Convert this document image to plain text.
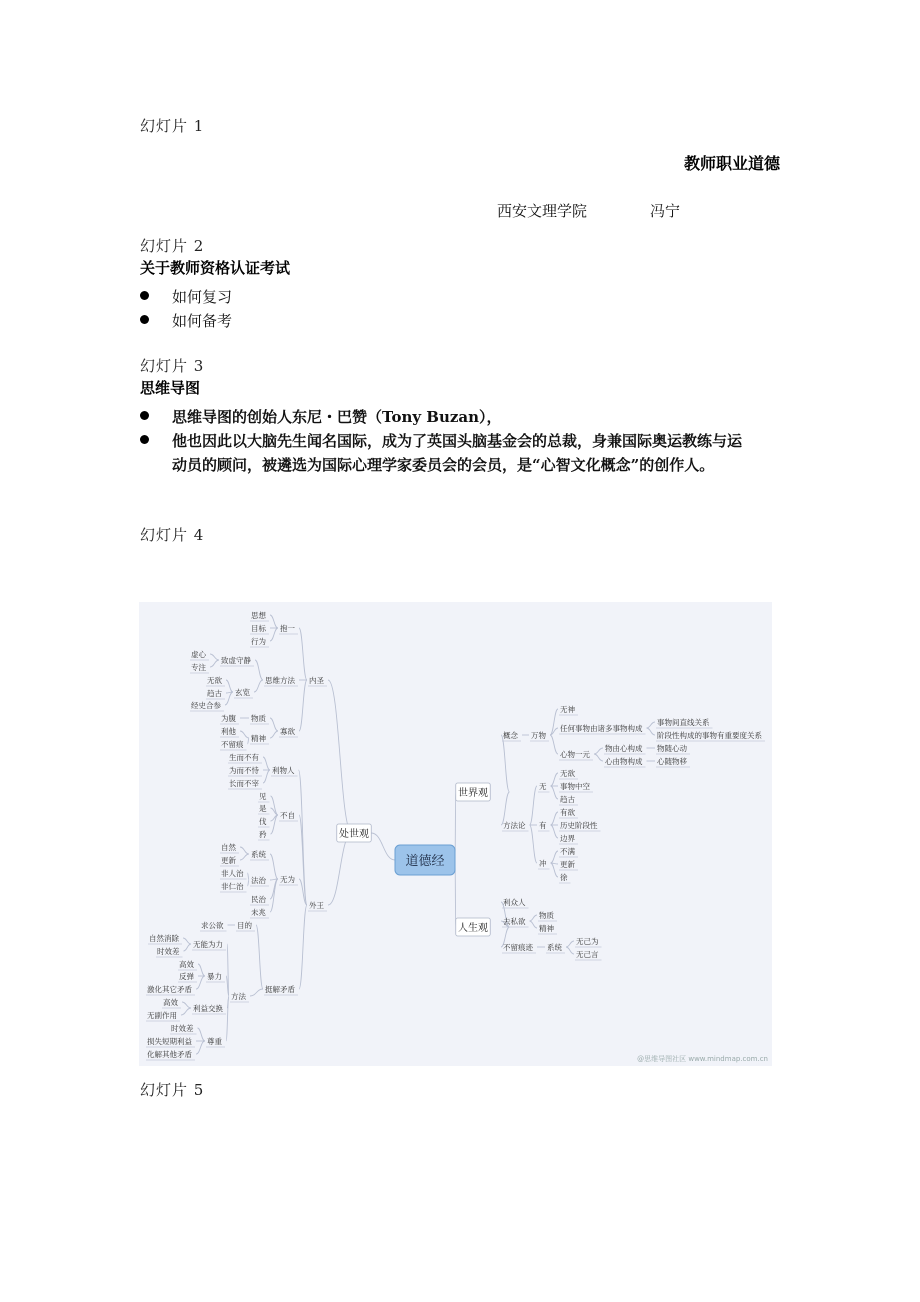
幻灯片 1
教师职业道德
西安文理学院	冯宁
幻灯片 2
关于教师资格认证考试
如何复习
如何备考
幻灯片 3
思维导图
思维导图的创始人东尼・巴赞（Tony Buzan），
他也因此以大脑先生闻名国际，成为了英国头脑基金会的总裁，身兼国际奥运教练与运
动员的顾问，被遴选为国际心理学家委员会的会员，是“心智文化概念”的创作人。
幻灯片 4
道德经
处世观
世界观
人生观
内圣
外王
抱一
思想
目标
行为
思维方法
致虚守静
虚心
专注
玄览
无欲
趋古
经史合参
寡欲
物质
为腹
精神
利他
不留痕
利物人
生而不有
为而不恃
长而不宰
不自
见
是
伐
矜
无为
系统
自然
更新
法治
非人治
非仁治
民治
未兆
挺解矛盾
目的
求公欲
方法
无能为力
自然消除
时效差
暴力
高效
反弹
激化其它矛盾
利益交换
高效
无副作用
尊重
时效差
损失短期利益
化解其他矛盾
概念 万物
无神
任何事物由诸多事物构成
事物间直线关系
阶段性构成的事物有重要度关系
心物一元
物由心构成 物随心动
心由物构成 心随物移
方法论
无
无欲
事物中空
趋古
有
有欲
历史阶段性
边界
冲
不满
更新
徐
利众人
去私欲
物质
精神
不留痕迹 系统
无己为
无己言
@思维导图社区 www.mindmap.com.cn
幻灯片 5
